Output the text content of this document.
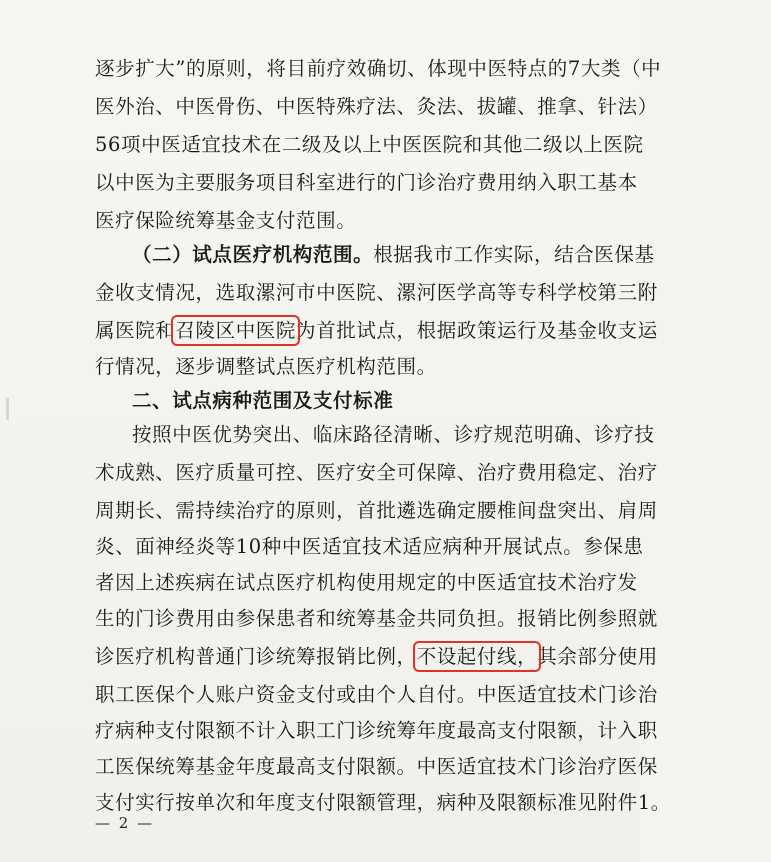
逐步扩大”的原则，将目前疗效确切、体现中医特点的7大类（中
医外治、中医骨伤、中医特殊疗法、灸法、拔罐、推拿、针法）
56项中医适宜技术在二级及以上中医医院和其他二级以上医院
以中医为主要服务项目科室进行的门诊治疗费用纳入职工基本
医疗保险统筹基金支付范围。
（二）试点医疗机构范围。根据我市工作实际，结合医保基
金收支情况，选取漯河市中医院、漯河医学高等专科学校第三附
属医院和召陵区中医院为首批试点，根据政策运行及基金收支运
行情况，逐步调整试点医疗机构范围。
二、试点病种范围及支付标准
按照中医优势突出、临床路径清晰、诊疗规范明确、诊疗技
术成熟、医疗质量可控、医疗安全可保障、治疗费用稳定、治疗
周期长、需持续治疗的原则，首批遴选确定腰椎间盘突出、肩周
炎、面神经炎等10种中医适宜技术适应病种开展试点。参保患
者因上述疾病在试点医疗机构使用规定的中医适宜技术治疗发
生的门诊费用由参保患者和统筹基金共同负担。报销比例参照就
诊医疗机构普通门诊统筹报销比例，不设起付线，其余部分使用
职工医保个人账户资金支付或由个人自付。中医适宜技术门诊治
疗病种支付限额不计入职工门诊统筹年度最高支付限额，计入职
工医保统筹基金年度最高支付限额。中医适宜技术门诊治疗医保
支付实行按单次和年度支付限额管理，病种及限额标准见附件1。
— 2 —
